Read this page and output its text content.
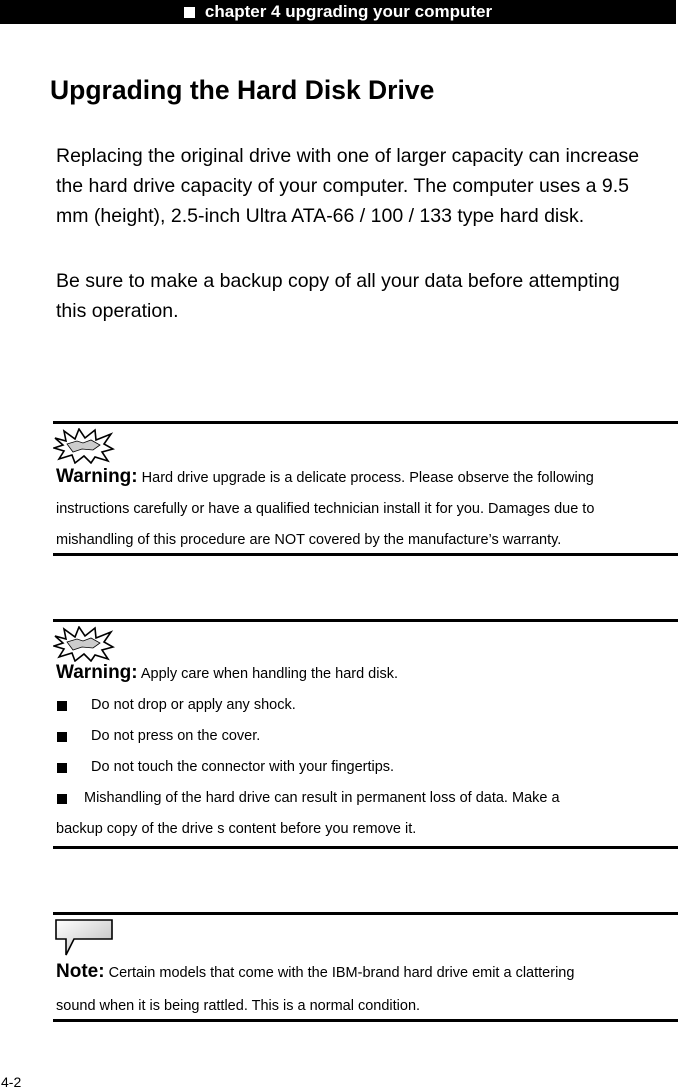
chapter 4 upgrading your computer
Upgrading the Hard Disk Drive

Replacing the original drive with one of larger capacity can increase
the hard drive capacity of your computer. The computer uses a 9.5
mm (height), 2.5-inch Ultra ATA-66 / 100 / 133 type hard disk.

Be sure to make a backup copy of all your data before attempting
this operation.

Warning: Hard drive upgrade is a delicate process. Please observe the following
instructions carefully or have a qualified technician install it for you. Damages due to
mishandling of this procedure are NOT covered by the manufacture’s warranty.

Warning: Apply care when handling the hard disk.
Do not drop or apply any shock.
Do not press on the cover.
Do not touch the connector with your fingertips.
Mishandling of the hard drive can result in permanent loss of data. Make a
backup copy of the drive s content before you remove it.

Note: Certain models that come with the IBM-brand hard drive emit a clattering
sound when it is being rattled. This is a normal condition.

4-2
